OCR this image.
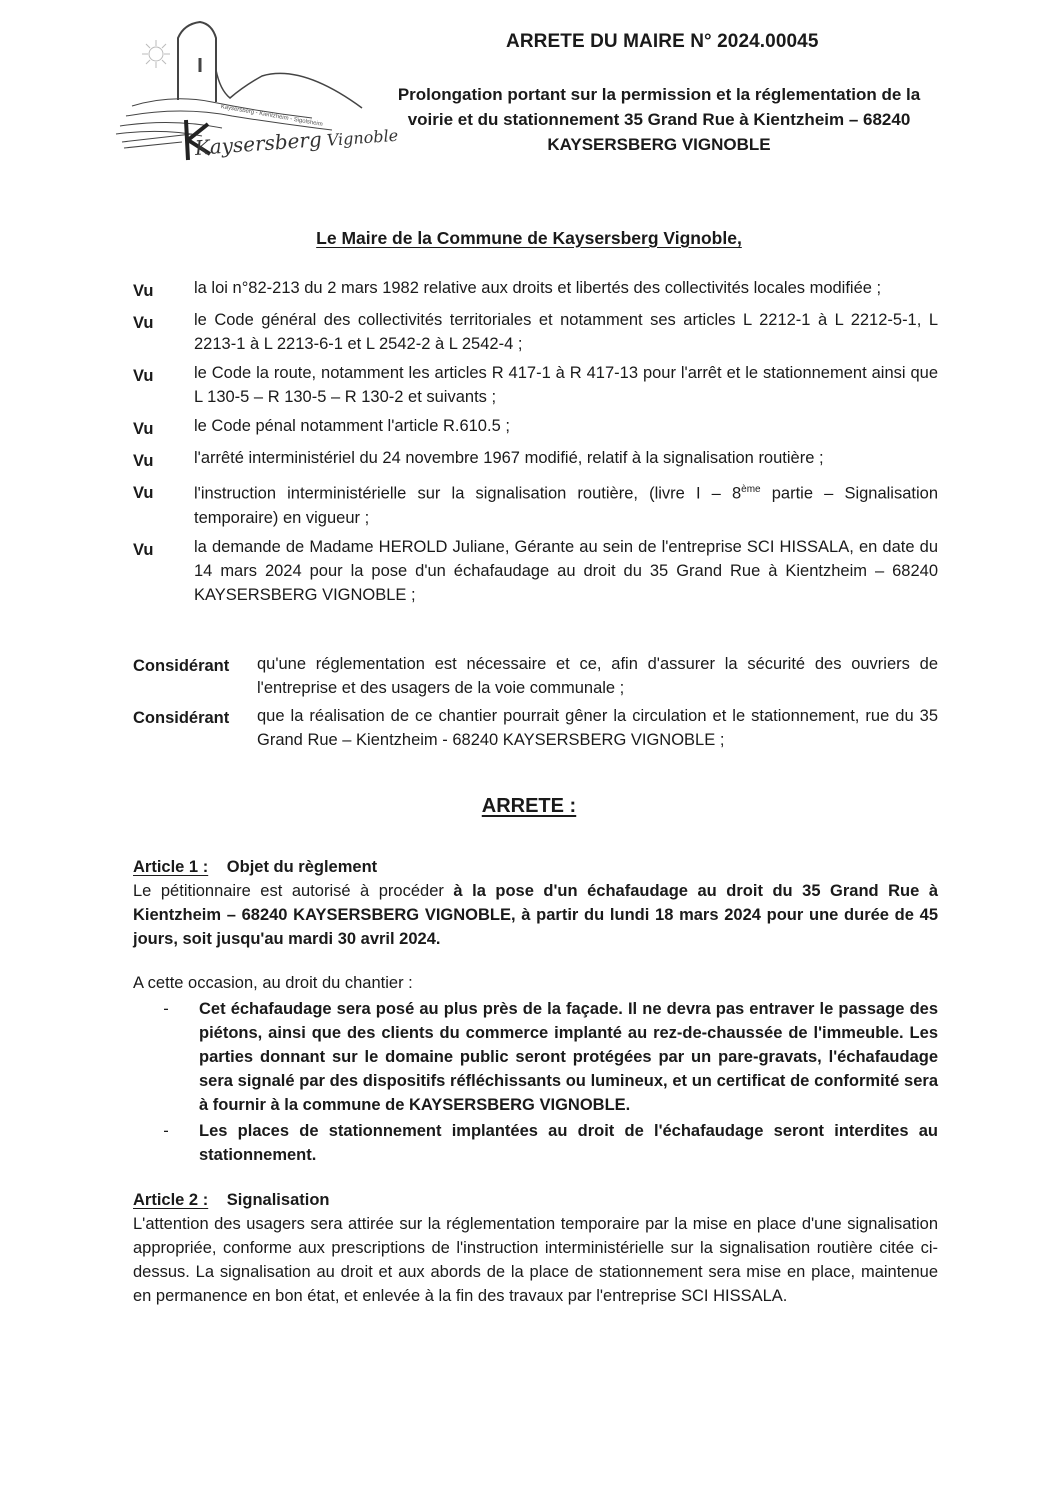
Kaysersberg - Kientzheim - Sigolsheim
Kaysersberg Vignoble
ARRETE DU MAIRE N° 2024.00045
Prolongation portant sur la permission et la réglementation de la voirie et du stationnement 35 Grand Rue à Kientzheim – 68240 KAYSERSBERG VIGNOBLE
Le Maire de la Commune de Kaysersberg Vignoble,
Vu	la loi n°82-213 du 2 mars 1982 relative aux droits et libertés des collectivités locales modifiée ;
Vu	le Code général des collectivités territoriales et notamment ses articles L 2212-1 à L 2212-5-1, L 2213-1 à L 2213-6-1 et L 2542-2 à L 2542-4 ;
Vu	le Code la route, notamment les articles R 417-1 à R 417-13 pour l'arrêt et le stationnement ainsi que L 130-5 – R 130-5 – R 130-2 et suivants ;
Vu	le Code pénal notamment l'article R.610.5 ;
Vu	l'arrêté interministériel du 24 novembre 1967 modifié, relatif à la signalisation routière ;
Vu	l'instruction interministérielle sur la signalisation routière, (livre I – 8ème partie – Signalisation temporaire) en vigueur ;
Vu	la demande de Madame HEROLD Juliane, Gérante au sein de l'entreprise SCI HISSALA, en date du 14 mars 2024 pour la pose d'un échafaudage au droit du 35 Grand Rue à Kientzheim – 68240 KAYSERSBERG VIGNOBLE ;
Considérant	qu'une réglementation est nécessaire et ce, afin d'assurer la sécurité des ouvriers de l'entreprise et des usagers de la voie communale ;
Considérant	que la réalisation de ce chantier pourrait gêner la circulation et le stationnement, rue du 35 Grand Rue – Kientzheim - 68240 KAYSERSBERG VIGNOBLE ;
ARRETE :
Article 1 : Objet du règlement
Le pétitionnaire est autorisé à procéder à la pose d'un échafaudage au droit du 35 Grand Rue à Kientzheim – 68240 KAYSERSBERG VIGNOBLE, à partir du lundi 18 mars 2024 pour une durée de 45 jours, soit jusqu'au mardi 30 avril 2024.
A cette occasion, au droit du chantier :
-	Cet échafaudage sera posé au plus près de la façade. Il ne devra pas entraver le passage des piétons, ainsi que des clients du commerce implanté au rez-de-chaussée de l'immeuble. Les parties donnant sur le domaine public seront protégées par un pare-gravats, l'échafaudage sera signalé par des dispositifs réfléchissants ou lumineux, et un certificat de conformité sera à fournir à la commune de KAYSERSBERG VIGNOBLE.
-	Les places de stationnement implantées au droit de l'échafaudage seront interdites au stationnement.
Article 2 : Signalisation
L'attention des usagers sera attirée sur la réglementation temporaire par la mise en place d'une signalisation appropriée, conforme aux prescriptions de l'instruction interministérielle sur la signalisation routière citée ci-dessus. La signalisation au droit et aux abords de la place de stationnement sera mise en place, maintenue en permanence en bon état, et enlevée à la fin des travaux par l'entreprise SCI HISSALA.
